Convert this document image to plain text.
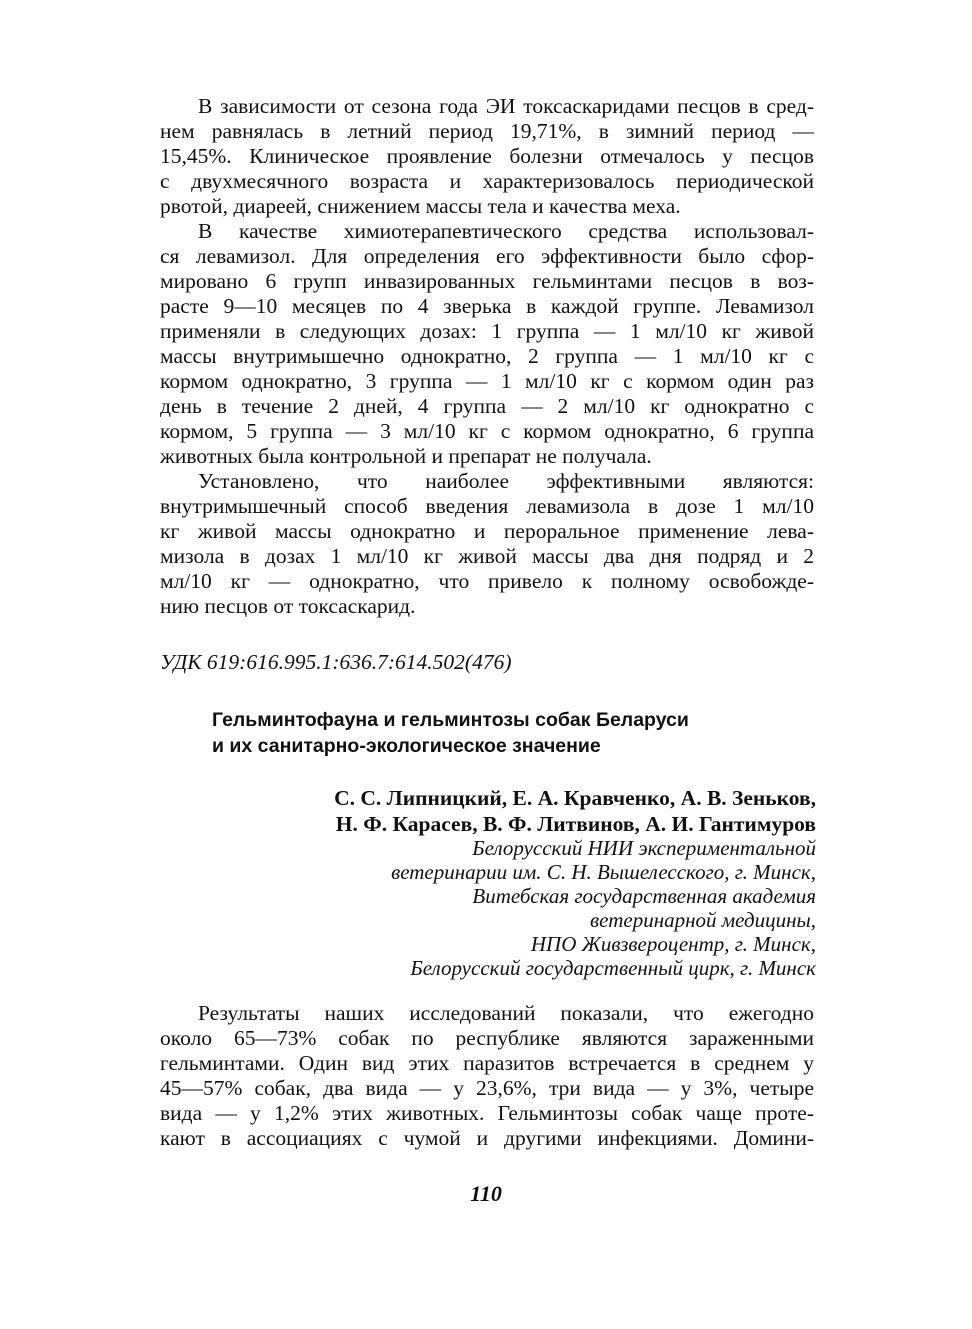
В зависимости от сезона года ЭИ токсаскаридами песцов в сред-
нем равнялась в летний период 19,71%, в зимний период —
15,45%. Клиническое проявление болезни отмечалось у песцов
с двухмесячного возраста и характеризовалось периодической
рвотой, диареей, снижением массы тела и качества меха.
В качестве химиотерапевтического средства использовал-
ся левамизол. Для определения его эффективности было сфор-
мировано 6 групп инвазированных гельминтами песцов в воз-
расте 9—10 месяцев по 4 зверька в каждой группе. Левамизол
применяли в следующих дозах: 1 группа — 1 мл/10 кг живой
массы внутримышечно однократно, 2 группа — 1 мл/10 кг с
кормом однократно, 3 группа — 1 мл/10 кг с кормом один раз
день в течение 2 дней, 4 группа — 2 мл/10 кг однократно с
кормом, 5 группа — 3 мл/10 кг с кормом однократно, 6 группа
животных была контрольной и препарат не получала.
Установлено, что наиболее эффективными являются:
внутримышечный способ введения левамизола в дозе 1 мл/10
кг живой массы однократно и пероральное применение лева-
мизола в дозах 1 мл/10 кг живой массы два дня подряд и 2
мл/10 кг — однократно, что привело к полному освобожде-
нию песцов от токсаскарид.
УДК 619:616.995.1:636.7:614.502(476)
Гельминтофауна и гельминтозы собак Беларуси
и их санитарно-экологическое значение
С. С. Липницкий, Е. А. Кравченко, А. В. Зеньков,
Н. Ф. Карасев, В. Ф. Литвинов, А. И. Гантимуров
Белорусский НИИ экспериментальной
ветеринарии им. С. Н. Вышелесского, г. Минск,
Витебская государственная академия
ветеринарной медицины,
НПО Живзвероцентр, г. Минск,
Белорусский государственный цирк, г. Минск
Результаты наших исследований показали, что ежегодно
около 65—73% собак по республике являются зараженными
гельминтами. Один вид этих паразитов встречается в среднем у
45—57% собак, два вида — у 23,6%, три вида — у 3%, четыре
вида — у 1,2% этих животных. Гельминтозы собак чаще проте-
кают в ассоциациях с чумой и другими инфекциями. Домини-
110
